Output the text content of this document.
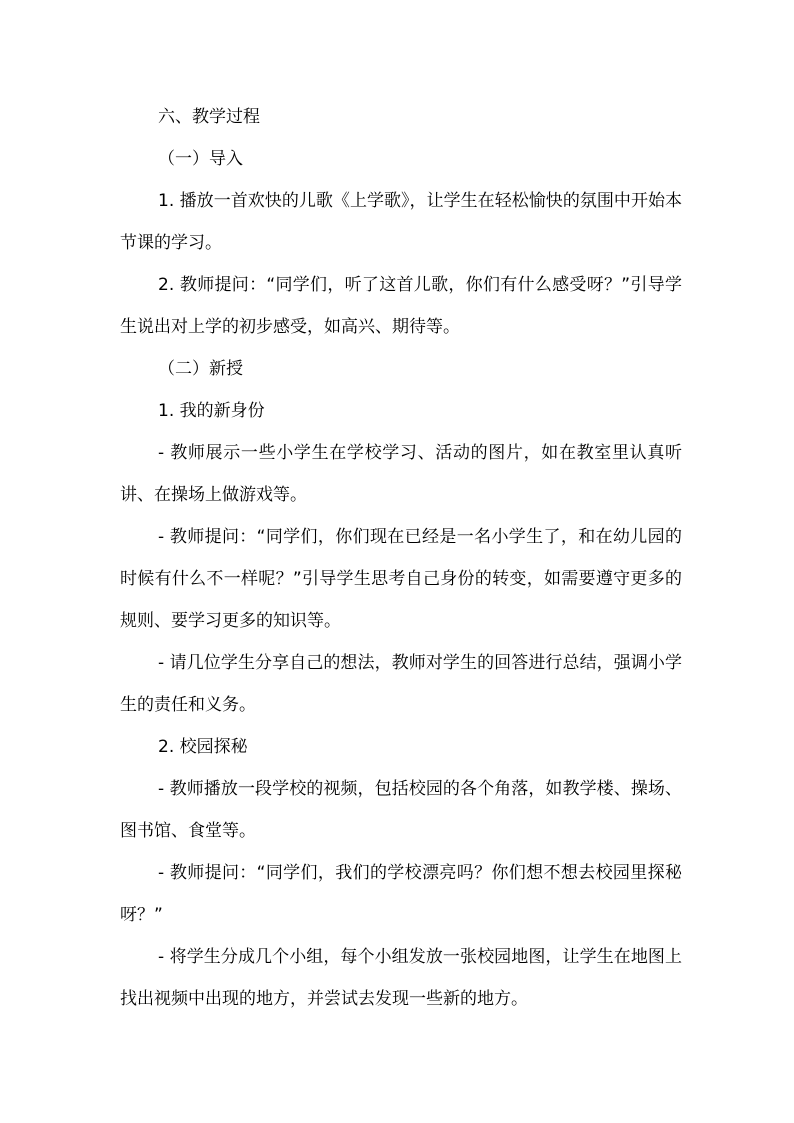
六、教学过程

（一）导入

1. 播放一首欢快的儿歌《上学歌》，让学生在轻松愉快的氛围中开始本节课的学习。

2. 教师提问：“同学们，听了这首儿歌，你们有什么感受呀？”引导学生说出对上学的初步感受，如高兴、期待等。

（二）新授

1. 我的新身份

- 教师展示一些小学生在学校学习、活动的图片，如在教室里认真听讲、在操场上做游戏等。

- 教师提问：“同学们，你们现在已经是一名小学生了，和在幼儿园的时候有什么不一样呢？”引导学生思考自己身份的转变，如需要遵守更多的规则、要学习更多的知识等。

- 请几位学生分享自己的想法，教师对学生的回答进行总结，强调小学生的责任和义务。

2. 校园探秘

- 教师播放一段学校的视频，包括校园的各个角落，如教学楼、操场、图书馆、食堂等。

- 教师提问：“同学们，我们的学校漂亮吗？你们想不想去校园里探秘呀？”

- 将学生分成几个小组，每个小组发放一张校园地图，让学生在地图上找出视频中出现的地方，并尝试去发现一些新的地方。
